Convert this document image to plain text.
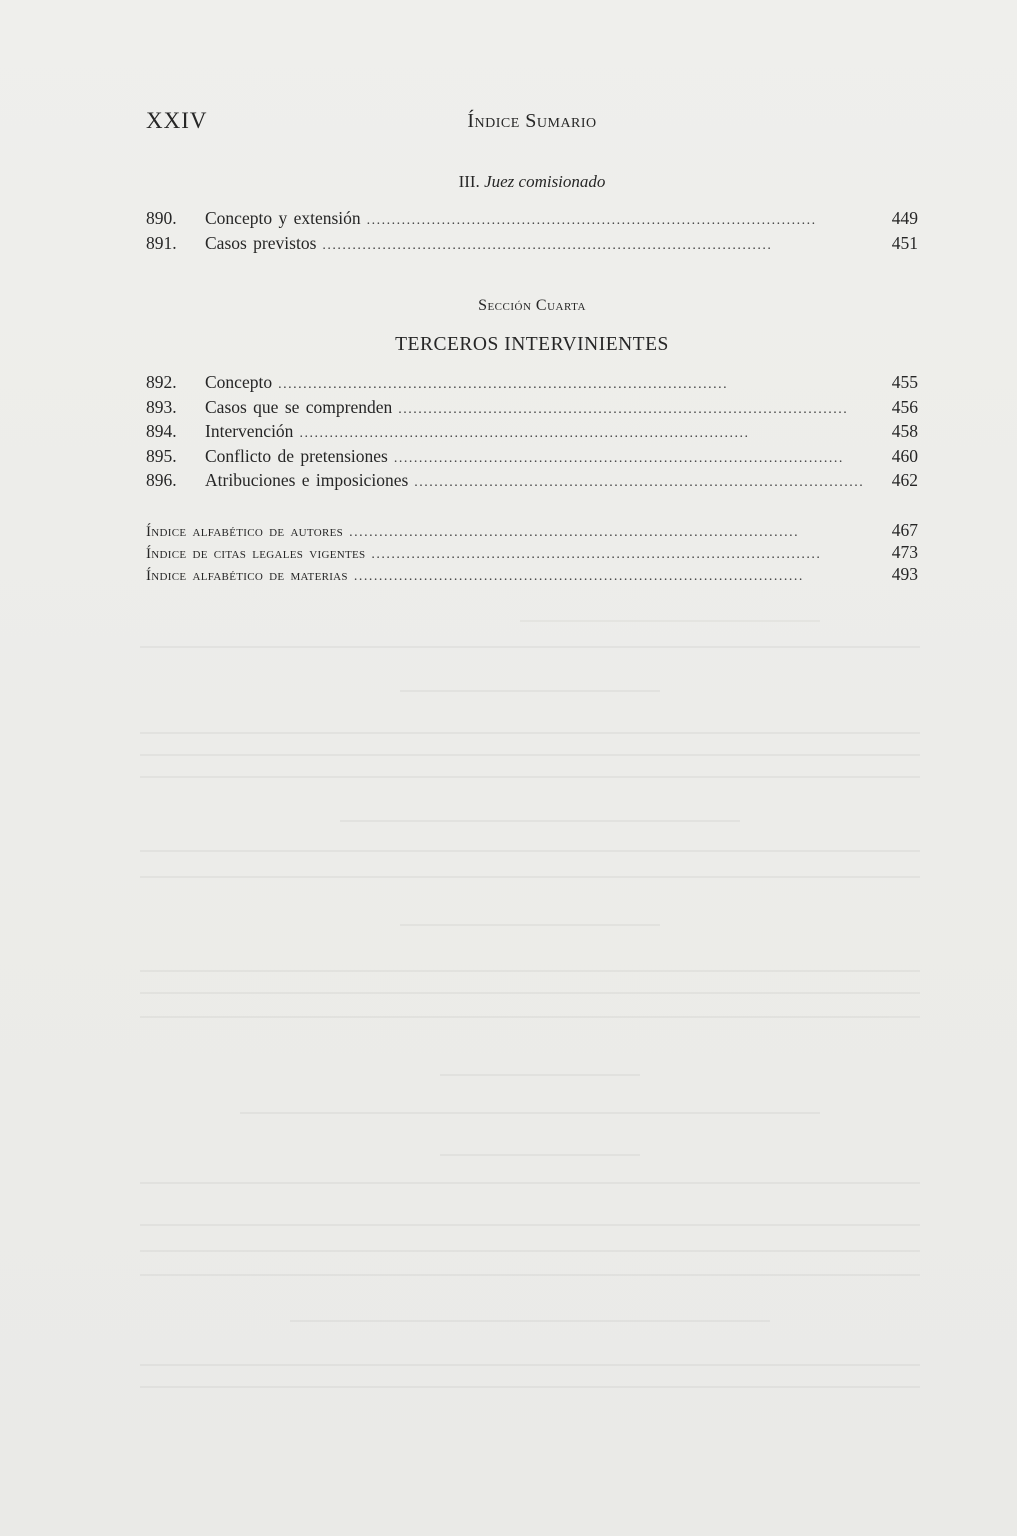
XXIV	Índice Sumario
III. Juez comisionado
890.	Concepto y extensión . . .	449
891.	Casos previstos . . .	451
Sección Cuarta
TERCEROS INTERVINIENTES
892.	Concepto . . .	455
893.	Casos que se comprenden . . .	456
894.	Intervención . . .	458
895.	Conflicto de pretensiones . . .	460
896.	Atribuciones e imposiciones . . .	462
Índice alfabético de autores . . .	467
Índice de citas legales vigentes . . .	473
Índice alfabético de materias . . .	493
